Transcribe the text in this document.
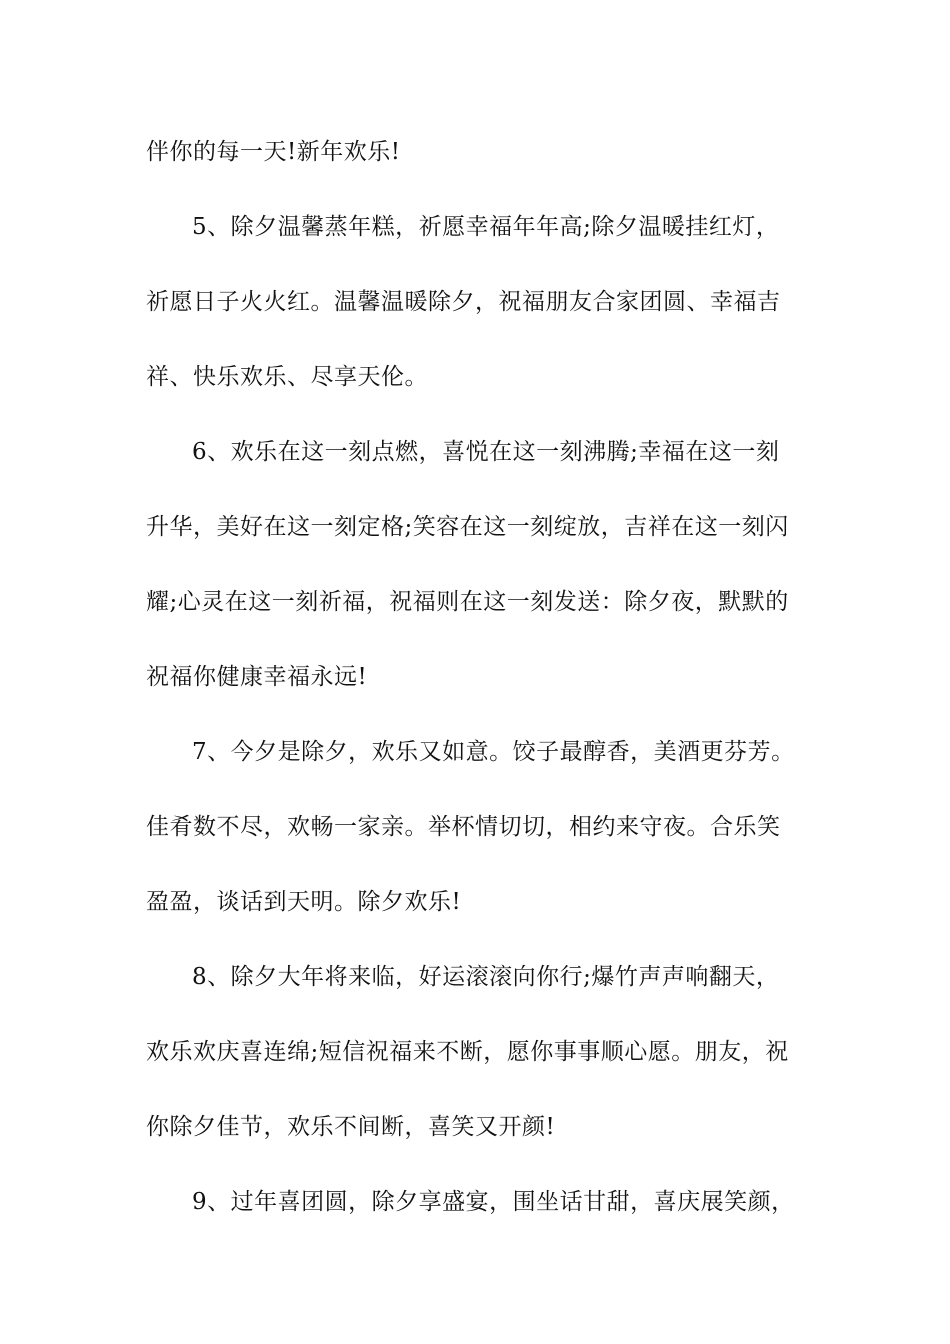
伴你的每一天!新年欢乐!
5、除夕温馨蒸年糕，祈愿幸福年年高;除夕温暖挂红灯，
祈愿日子火火红。温馨温暖除夕，祝福朋友合家团圆、幸福吉
祥、快乐欢乐、尽享天伦。
6、欢乐在这一刻点燃，喜悦在这一刻沸腾;幸福在这一刻
升华，美好在这一刻定格;笑容在这一刻绽放，吉祥在这一刻闪
耀;心灵在这一刻祈福，祝福则在这一刻发送：除夕夜，默默的
祝福你健康幸福永远!
7、今夕是除夕，欢乐又如意。饺子最醇香，美酒更芬芳。
佳肴数不尽，欢畅一家亲。举杯情切切，相约来守夜。合乐笑
盈盈，谈话到天明。除夕欢乐!
8、除夕大年将来临，好运滚滚向你行;爆竹声声响翻天，
欢乐欢庆喜连绵;短信祝福来不断，愿你事事顺心愿。朋友，祝
你除夕佳节，欢乐不间断，喜笑又开颜!
9、过年喜团圆，除夕享盛宴，围坐话甘甜，喜庆展笑颜，
